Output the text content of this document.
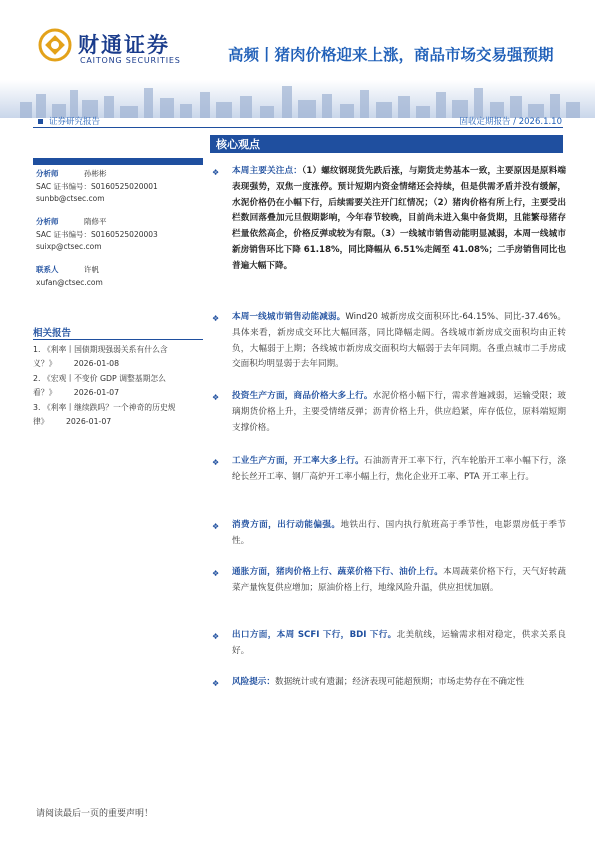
财通证券
CAITONG SECURITIES	高频丨猪肉价格迎来上涨，商品市场交易强预期
证券研究报告	固收定期报告 / 2026.1.10
分析师	孙彬彬
SAC 证书编号：S0160525020001
sunbb@ctsec.com
分析师	隋修平
SAC 证书编号：S0160525020003
suixp@ctsec.com
联系人	许帆
xufan@ctsec.com
相关报告
1. 《利率丨国债期现强弱关系有什么含义？》 2026-01-08
2. 《宏观丨不变价 GDP 调整基期怎么看？》 2026-01-07
3. 《利率丨继续跌吗？一个神奇的历史规律》 2026-01-07
核心观点
❖ 本周主要关注点：（1）螺纹钢现货先跌后涨，与期货走势基本一致，主要原因是原料端表现强势，双焦一度涨停。预计短期内资金情绪还会持续，但是供需矛盾并没有缓解，水泥价格仍在小幅下行，后续需要关注开门红情况；（2）猪肉价格有所上行，主要受出栏数回落叠加元旦假期影响，今年春节较晚，目前尚未进入集中备货期，且能繁母猪存栏量依然高企，价格反弹或较为有限。（3）一线城市销售动能明显减弱，本周一线城市新房销售环比下降 61.18%，同比降幅从 6.51%走阔至 41.08%；二手房销售同比也普遍大幅下降。
❖ 本周一线城市销售动能减弱。Wind20 城新房成交面积环比-64.15%、同比-37.46%。具体来看，新房成交环比大幅回落，同比降幅走阔。各线城市新房成交面积均由正转负，大幅弱于上期；各线城市新房成交面积均大幅弱于去年同期。各重点城市二手房成交面积均明显弱于去年同期。
❖ 投资生产方面，商品价格大多上行。水泥价格小幅下行，需求普遍减弱，运输受限；玻璃期货价格上升，主要受情绪反弹；沥青价格上升，供应趋紧，库存低位，原料端短期支撑价格。
❖ 工业生产方面，开工率大多上行。石油沥青开工率下行，汽车轮胎开工率小幅下行，涤纶长丝开工率、钢厂高炉开工率小幅上行，焦化企业开工率、PTA 开工率上行。
❖ 消费方面，出行动能偏强。地铁出行、国内执行航班高于季节性，电影票房低于季节性。
❖ 通胀方面，猪肉价格上行、蔬菜价格下行、油价上行。本周蔬菜价格下行，天气好转蔬菜产量恢复供应增加；原油价格上行，地缘风险升温，供应担忧加剧。
❖ 出口方面，本周 SCFI 下行，BDI 下行。北美航线，运输需求相对稳定，供求关系良好。
❖ 风险提示：数据统计或有遗漏；经济表现可能超预期；市场走势存在不确定性
请阅读最后一页的重要声明！
